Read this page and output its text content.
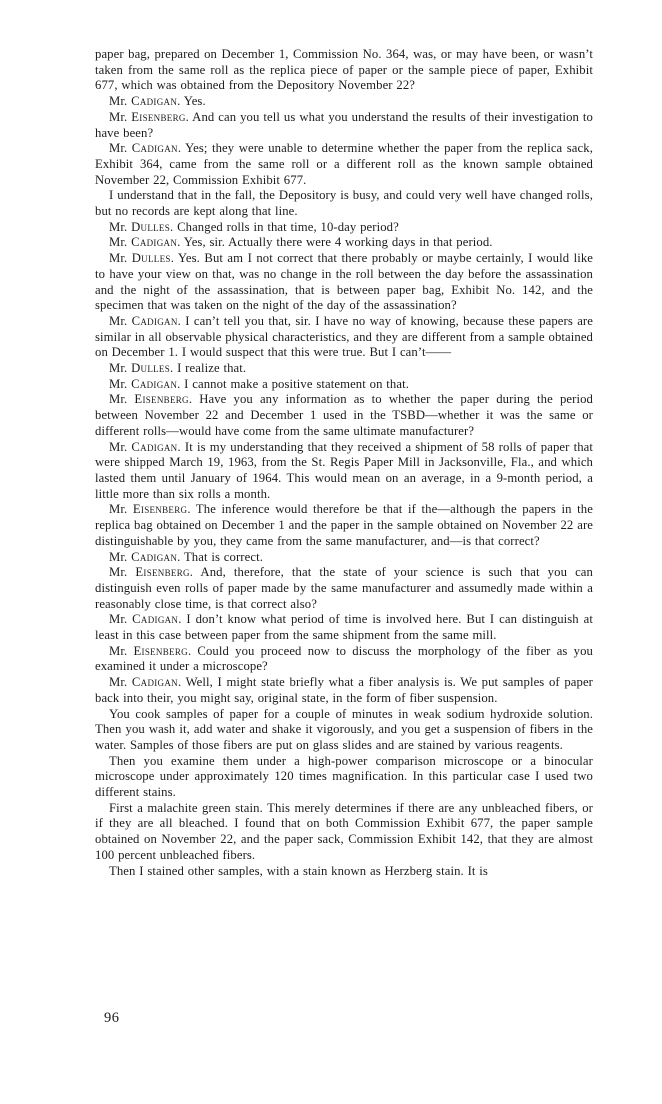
paper bag, prepared on December 1, Commission No. 364, was, or may have been, or wasn’t taken from the same roll as the replica piece of paper or the sample piece of paper, Exhibit 677, which was obtained from the Depository November 22?

Mr. Cadigan. Yes.

Mr. Eisenberg. And can you tell us what you understand the results of their investigation to have been?

Mr. Cadigan. Yes; they were unable to determine whether the paper from the replica sack, Exhibit 364, came from the same roll or a different roll as the known sample obtained November 22, Commission Exhibit 677.

I understand that in the fall, the Depository is busy, and could very well have changed rolls, but no records are kept along that line.

Mr. Dulles. Changed rolls in that time, 10-day period?

Mr. Cadigan. Yes, sir. Actually there were 4 working days in that period.

Mr. Dulles. Yes. But am I not correct that there probably or maybe certainly, I would like to have your view on that, was no change in the roll between the day before the assassination and the night of the assassination, that is between paper bag, Exhibit No. 142, and the specimen that was taken on the night of the day of the assassination?

Mr. Cadigan. I can’t tell you that, sir. I have no way of knowing, because these papers are similar in all observable physical characteristics, and they are different from a sample obtained on December 1. I would suspect that this were true. But I can’t——

Mr. Dulles. I realize that.

Mr. Cadigan. I cannot make a positive statement on that.

Mr. Eisenberg. Have you any information as to whether the paper during the period between November 22 and December 1 used in the TSBD—whether it was the same or different rolls—would have come from the same ultimate manufacturer?

Mr. Cadigan. It is my understanding that they received a shipment of 58 rolls of paper that were shipped March 19, 1963, from the St. Regis Paper Mill in Jacksonville, Fla., and which lasted them until January of 1964. This would mean on an average, in a 9-month period, a little more than six rolls a month.

Mr. Eisenberg. The inference would therefore be that if the—although the papers in the replica bag obtained on December 1 and the paper in the sample obtained on November 22 are distinguishable by you, they came from the same manufacturer, and—is that correct?

Mr. Cadigan. That is correct.

Mr. Eisenberg. And, therefore, that the state of your science is such that you can distinguish even rolls of paper made by the same manufacturer and assumedly made within a reasonably close time, is that correct also?

Mr. Cadigan. I don’t know what period of time is involved here. But I can distinguish at least in this case between paper from the same shipment from the same mill.

Mr. Eisenberg. Could you proceed now to discuss the morphology of the fiber as you examined it under a microscope?

Mr. Cadigan. Well, I might state briefly what a fiber analysis is. We put samples of paper back into their, you might say, original state, in the form of fiber suspension.

You cook samples of paper for a couple of minutes in weak sodium hydroxide solution. Then you wash it, add water and shake it vigorously, and you get a suspension of fibers in the water. Samples of those fibers are put on glass slides and are stained by various reagents.

Then you examine them under a high-power comparison microscope or a binocular microscope under approximately 120 times magnification. In this particular case I used two different stains.

First a malachite green stain. This merely determines if there are any unbleached fibers, or if they are all bleached. I found that on both Commission Exhibit 677, the paper sample obtained on November 22, and the paper sack, Commission Exhibit 142, that they are almost 100 percent unbleached fibers.

Then I stained other samples, with a stain known as Herzberg stain. It is

96
